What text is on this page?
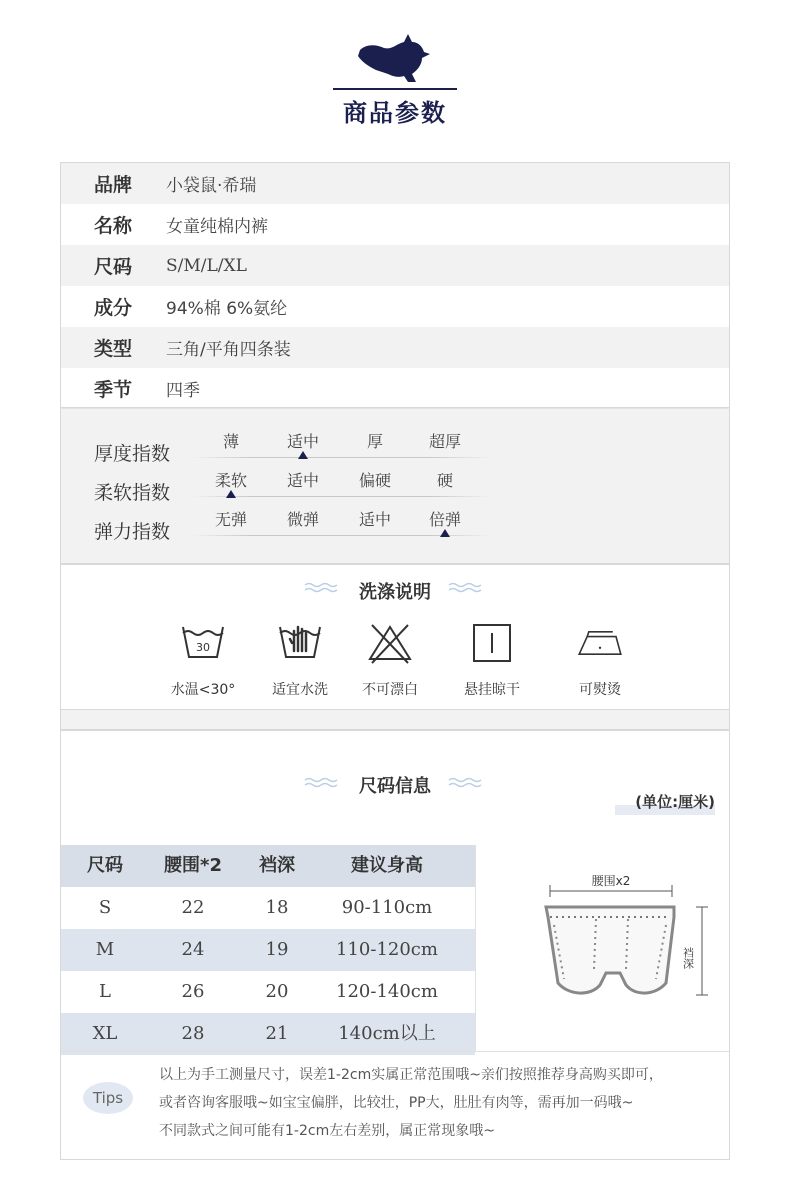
商品参数
品牌	小袋鼠·希瑞
名称	女童纯棉内裤
尺码	S/M/L/XL
成分	94%棉 6%氨纶
类型	三角/平角四条装
季节	四季
厚度指数
薄	适中	厚	超厚
柔软指数
柔软	适中	偏硬	硬
弹力指数
无弹	微弹	适中	倍弹
洗涤说明
30
水温<30°	适宜水洗	不可漂白	悬挂晾干	可熨烫
尺码信息
(单位:厘米)
尺码	腰围*2	裆深	建议身高
S	22	18	90-110cm
M	24	19	110-120cm
L	26	20	120-140cm
XL	28	21	140cm以上
腰围x2
裆深
Tips
以上为手工测量尺寸，误差1-2cm实属正常范围哦~亲们按照推荐身高购买即可，
或者咨询客服哦~如宝宝偏胖，比较壮，PP大，肚肚有肉等，需再加一码哦~
不同款式之间可能有1-2cm左右差别，属正常现象哦~
